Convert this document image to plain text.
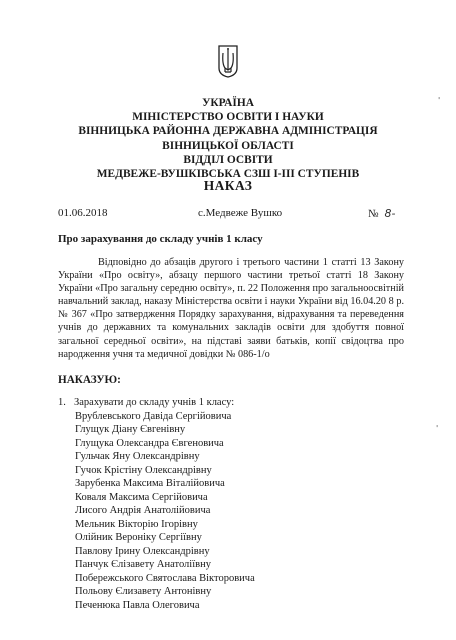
УКРАЇНА
МІНІСТЕРСТВО ОСВІТИ І НАУКИ
ВІННИЦЬКА РАЙОННА ДЕРЖАВНА АДМІНІСТРАЦІЯ
ВІННИЦЬКОЇ ОБЛАСТІ
ВІДДІЛ ОСВІТИ
МЕДВЕЖЕ-ВУШКІВСЬКА СЗШ І-ІІІ СТУПЕНІВ
НАКАЗ
01.06.2018	с.Медвеже Вушко	№ 8-
Про зарахування до складу учнів 1 класу

Відповідно до абзаців другого і третього частини 1 статті 13 Закону України «Про освіту», абзацу першого частини третьої статті 18 Закону України «Про загальну середню освіту», п. 22 Положення про загальноосвітній навчальний заклад, наказу Міністерства освіти і науки України від 16.04.20 8 р. № 367 «Про затвердження Порядку зарахування, відрахування та переведення учнів до державних та комунальних закладів освіти для здобуття повної загальної середньої освіти», на підставі заяви батьків, копії свідоцтва про народження учня та медичної довідки № 086-1/о

НАКАЗУЮ:
1. Зарахувати до складу учнів 1 класу:
Врублевського Давіда Сергійовича
Глущук Діану Євгенівну
Глущука Олександра Євгеновича
Гульчак Яну Олександрівну
Гучок Крістіну Олександрівну
Зарубенка Максима Віталійовича
Коваля Максима Сергійовича
Лисого Андрія Анатолійовича
Мельник Вікторію Ігорівну
Олійник Вероніку Сергіївну
Павлову Ірину Олександрівну
Панчук Єлізавету Анатоліївну
Побережського Святослава Вікторовича
Польову Єлизавету Антонівну
Печенюка Павла Олеговича
'
'
